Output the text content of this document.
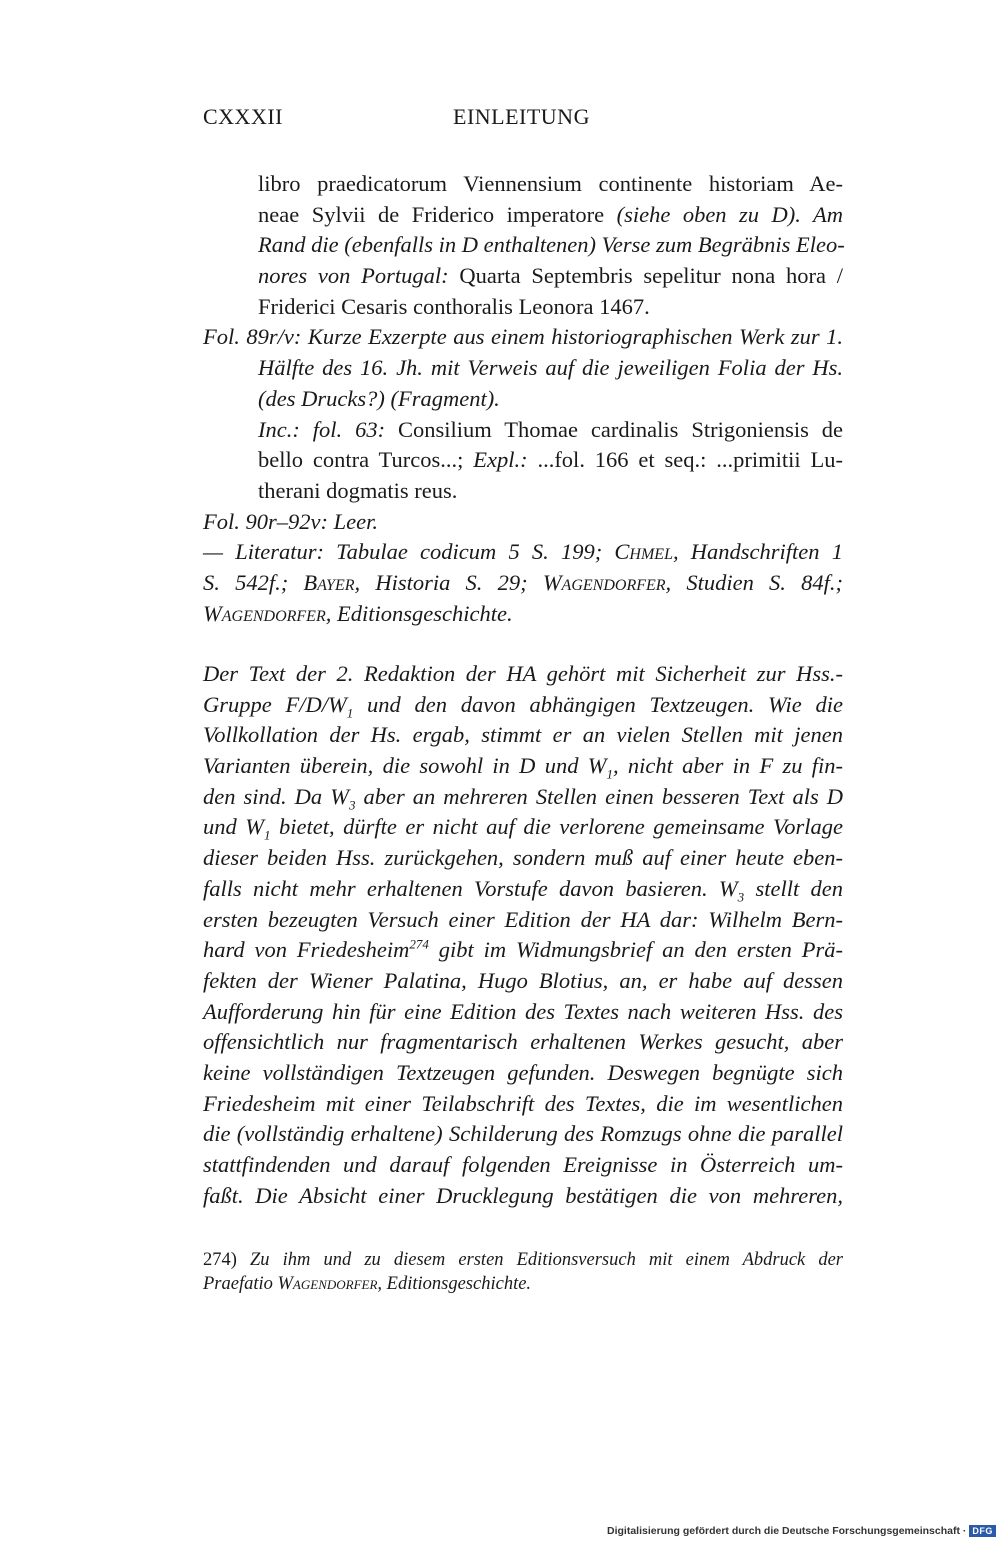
CXXXII	EINLEITUNG
libro praedicatorum Viennensium continente historiam Ae-
neae Sylvii de Friderico imperatore (siehe oben zu D). Am
Rand die (ebenfalls in D enthaltenen) Verse zum Begräbnis Eleo-
nores von Portugal: Quarta Septembris sepelitur nona hora /
Friderici Cesaris conthoralis Leonora 1467.
Fol. 89r/v: Kurze Exzerpte aus einem historiographischen Werk zur 1.
Hälfte des 16. Jh. mit Verweis auf die jeweiligen Folia der Hs.
(des Drucks?) (Fragment).
Inc.: fol. 63: Consilium Thomae cardinalis Strigoniensis de
bello contra Turcos...; Expl.: ...fol. 166 et seq.: ...primitii Lu-
therani dogmatis reus.
Fol. 90r–92v: Leer.
— Literatur: Tabulae codicum 5 S. 199; Chmel, Handschriften 1
S. 542f.; Bayer, Historia S. 29; Wagendorfer, Studien S. 84f.;
Wagendorfer, Editionsgeschichte.
Der Text der 2. Redaktion der HA gehört mit Sicherheit zur Hss.-
Gruppe $F/D/W_1$ und den davon abhängigen Textzeugen. Wie die
Vollkollation der Hs. ergab, stimmt er an vielen Stellen mit jenen
Varianten überein, die sowohl in D und $W_1$, nicht aber in F zu fin-
den sind. Da $W_3$ aber an mehreren Stellen einen besseren Text als D
und $W_1$ bietet, dürfte er nicht auf die verlorene gemeinsame Vorlage
dieser beiden Hss. zurückgehen, sondern muß auf einer heute eben-
falls nicht mehr erhaltenen Vorstufe davon basieren. $W_3$ stellt den
ersten bezeugten Versuch einer Edition der HA dar: Wilhelm Bern-
hard von Friedesheim$^{274}$ gibt im Widmungsbrief an den ersten Prä-
fekten der Wiener Palatina, Hugo Blotius, an, er habe auf dessen
Aufforderung hin für eine Edition des Textes nach weiteren Hss. des
offensichtlich nur fragmentarisch erhaltenen Werkes gesucht, aber
keine vollständigen Textzeugen gefunden. Deswegen begnügte sich
Friedesheim mit einer Teilabschrift des Textes, die im wesentlichen
die (vollständig erhaltene) Schilderung des Romzugs ohne die parallel
stattfindenden und darauf folgenden Ereignisse in Österreich um-
faßt. Die Absicht einer Drucklegung bestätigen die von mehreren,
274) Zu ihm und zu diesem ersten Editionsversuch mit einem Abdruck der
Praefatio Wagendorfer, Editionsgeschichte.
Digitalisierung gefördert durch die Deutsche Forschungsgemeinschaft · DFG
